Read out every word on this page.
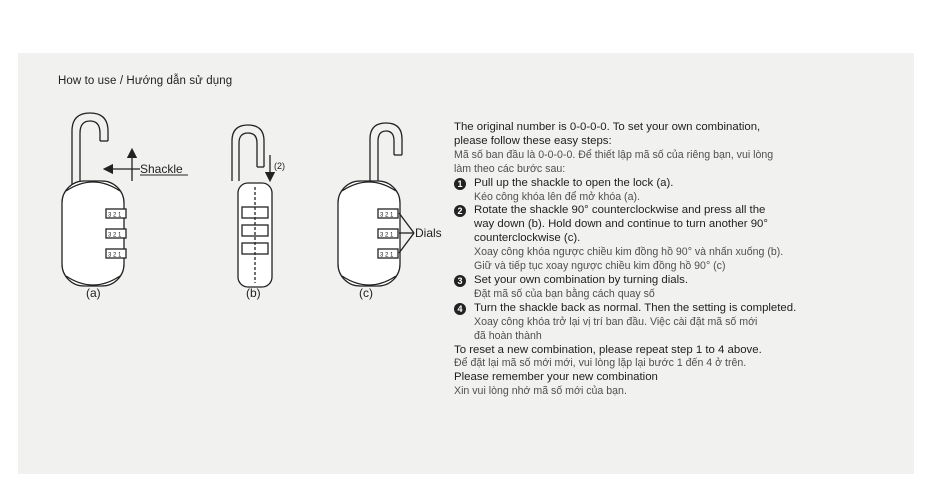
How to use / Hướng dẫn sử dụng
3 2 1
3 2 1
3 2 1
Shackle
(a)
(2)
(b)
3 2 1
3 2 1
3 2 1
Dials
(c)
The original number is 0-0-0-0. To set your own combination,
please follow these easy steps:
Mã số ban đầu là 0-0-0-0. Để thiết lập mã số của riêng bạn, vui lòng
làm theo các bước sau:
1	Pull up the shackle to open the lock (a).
Kéo công khóa lên để mở khóa (a).
2	Rotate the shackle 90° counterclockwise and press all the
way down (b). Hold down and continue to turn another 90°
counterclockwise (c).
Xoay công khóa ngược chiều kim đồng hồ 90° và nhấn xuống (b).
Giữ và tiếp tục xoay ngược chiều kim đồng hồ 90° (c)
3	Set your own combination by turning dials.
Đặt mã số của bạn bằng cách quay số
4	Turn the shackle back as normal. Then the setting is completed.
Xoay công khóa trở lại vị trí ban đầu. Việc cài đặt mã số mới
đã hoàn thành
To reset a new combination, please repeat step 1 to 4 above.
Để đặt lại mã số mới mới, vui lòng lặp lại bước 1 đến 4 ở trên.
Please remember your new combination
Xin vui lòng nhớ mã số mới của bạn.
